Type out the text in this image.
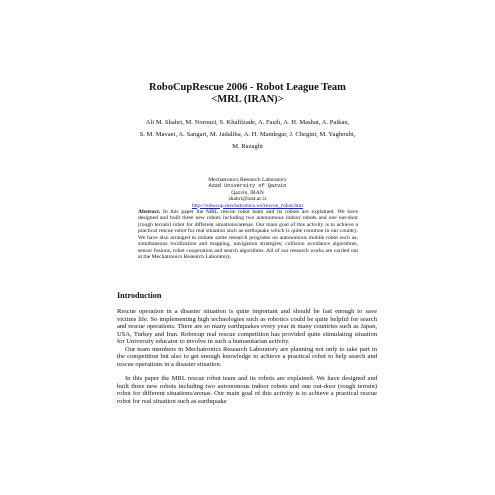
RoboCupRescue 2006 - Robot League Team
<MRL (IRAN)>
Ali M. Shahri, M. Norouzi, S. Khalilzade, A. Fasih, A. H. Mashat, A. Paikan,
S. M. Mavaei, A. Sangari, M. Jadaliha, A. H. Mandegar, J. Chegini, M. Yaghoubi,
M. Razaghi
Mechatronics Research Laboratory
Azad University of Qazvin
Qazvin, IRAN
shahri@iust.ac.ir
http://robocup.mechatronics.ws/rescue_robot.htm
Abstract. In this paper the MRL rescue robot team and its robots are explained. We have designed and built three new robots including two autonomous indoor robots and one out-door (rough terrain) robot for different situations/arenas. Our main goal of this activity is to achieve a practical rescue robot for real situation such as earthquake which is quite common in our country. We have also arranged to initiate some research programs on autonomous mobile robot such as; simultaneous localization and mapping, navigation strategies, collision avoidance algorithms, sensor fusions, robot cooperation and search algorithms. All of our research works are carried out at the Mechatronics Research Laboratory.
Introduction

Rescue operation in a disaster situation is quite important and should be fast enough to save victims life. So implementing high technologies such as robotics could be quite helpful for search and rescue operations. There are so many earthquakes every year in many countries such as Japan, USA, Turkey and Iran. Robocup real rescue competition has provided quite stimulating situation for University educator to involve in such a humanitarian activity.

Our team members in Mechatronics Research Laboratory are planning not only to take part in the competition but also to get enough knowledge to achieve a practical robot to help search and rescue operations in a disaster situation.

In this paper the MRL rescue robot team and its robots are explained. We have designed and built three new robots including two autonomous indoor robots and one out-door (rough terrain) robot for different situations/arenas. Our main goal of this activity is to achieve a practical rescue robot for real situation such as earthquake
